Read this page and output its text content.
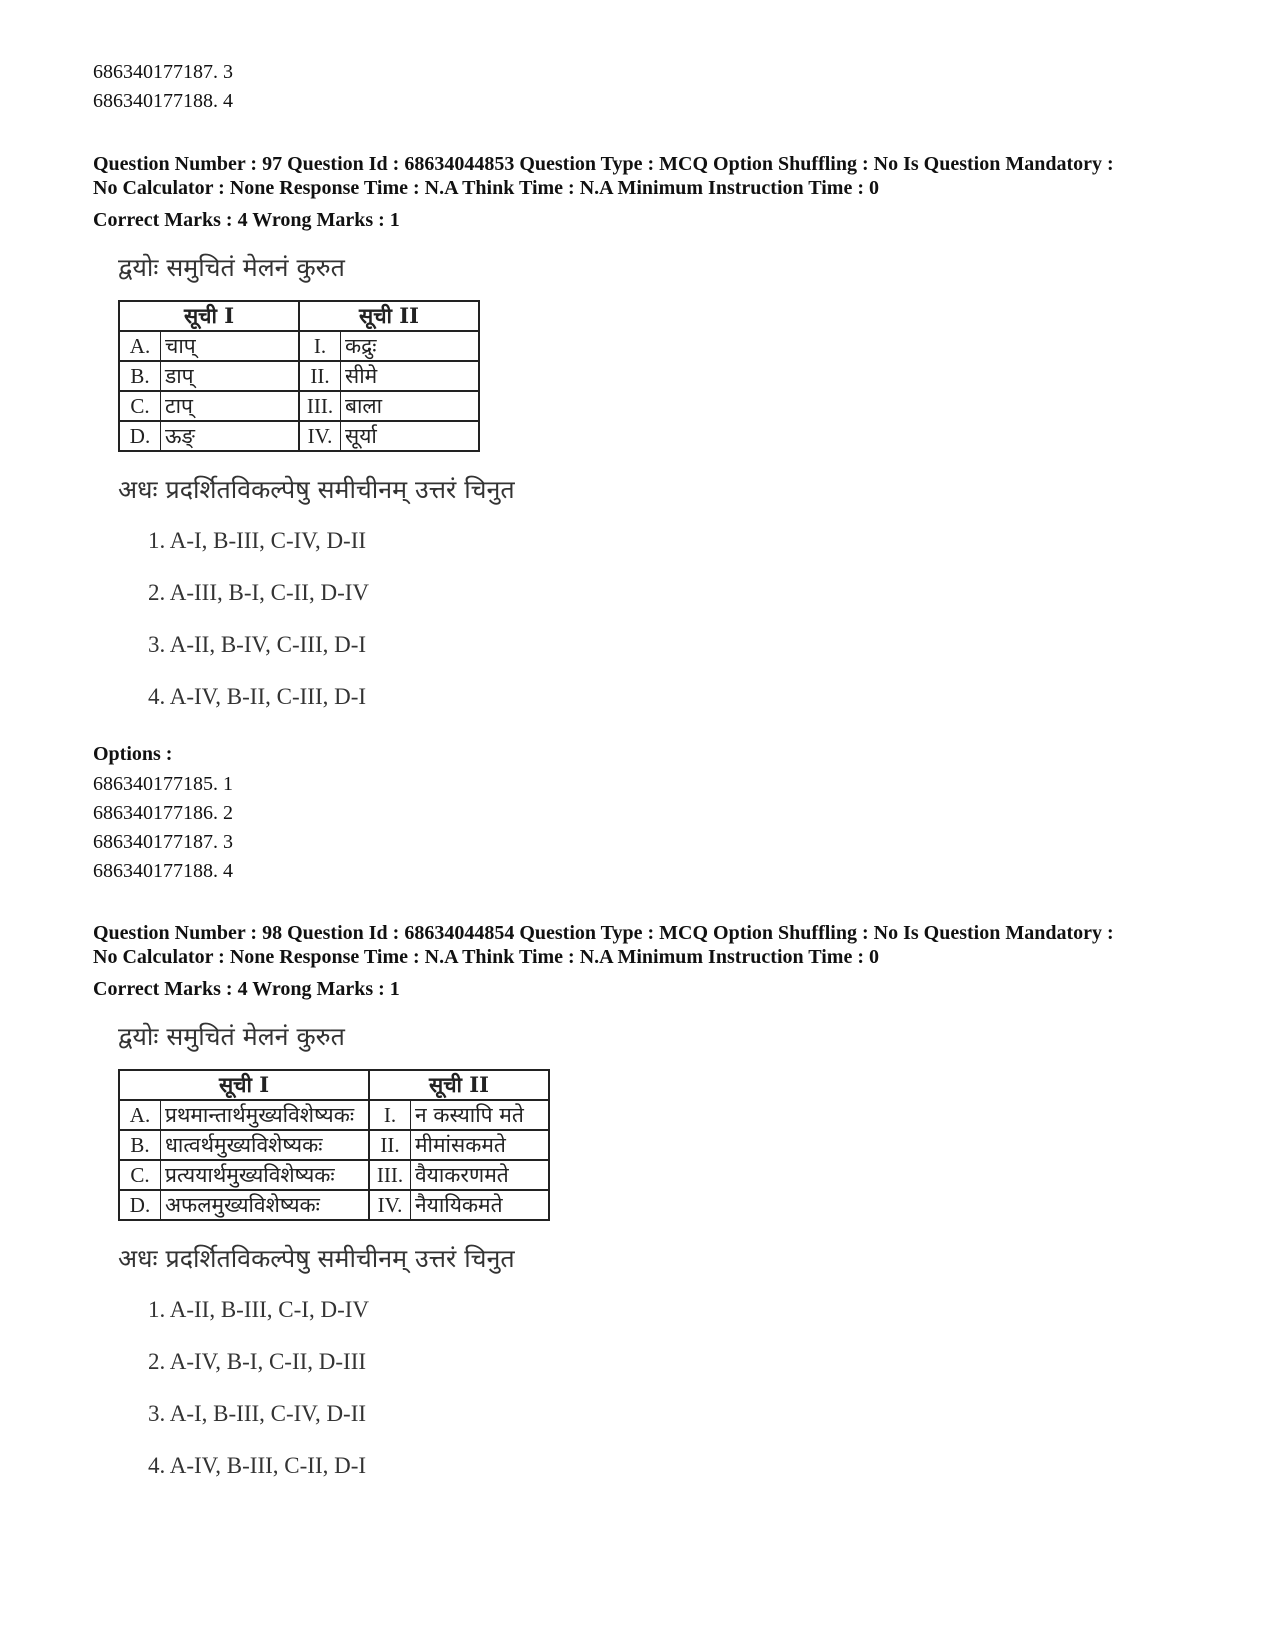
686340177187. 3
686340177188. 4
Question Number : 97 Question Id : 68634044853 Question Type : MCQ Option Shuffling : No Is Question Mandatory :
No Calculator : None Response Time : N.A Think Time : N.A Minimum Instruction Time : 0
Correct Marks : 4 Wrong Marks : 1
द्वयोः समुचितं मेलनं कुरुत
सूची I		सूची II	
A.	चाप्	I.	कद्रुः
B.	डाप्	II.	सीमे
C.	टाप्	III.	बाला
D.	ऊङ्	IV.	सूर्या
अधः प्रदर्शितविकल्पेषु समीचीनम् उत्तरं चिनुत
1. A-I, B-III, C-IV, D-II
2. A-III, B-I, C-II, D-IV
3. A-II, B-IV, C-III, D-I
4. A-IV, B-II, C-III, D-I
Options :
686340177185. 1
686340177186. 2
686340177187. 3
686340177188. 4
Question Number : 98 Question Id : 68634044854 Question Type : MCQ Option Shuffling : No Is Question Mandatory :
No Calculator : None Response Time : N.A Think Time : N.A Minimum Instruction Time : 0
Correct Marks : 4 Wrong Marks : 1
द्वयोः समुचितं मेलनं कुरुत
सूची I		सूची II	
A.	प्रथमान्तार्थमुख्यविशेष्यकः	I.	न कस्यापि मते
B.	धात्वर्थमुख्यविशेष्यकः	II.	मीमांसकमते
C.	प्रत्ययार्थमुख्यविशेष्यकः	III.	वैयाकरणमते
D.	अफलमुख्यविशेष्यकः	IV.	नैयायिकमते
अधः प्रदर्शितविकल्पेषु समीचीनम् उत्तरं चिनुत
1. A-II, B-III, C-I, D-IV
2. A-IV, B-I, C-II, D-III
3. A-I, B-III, C-IV, D-II
4. A-IV, B-III, C-II, D-I
